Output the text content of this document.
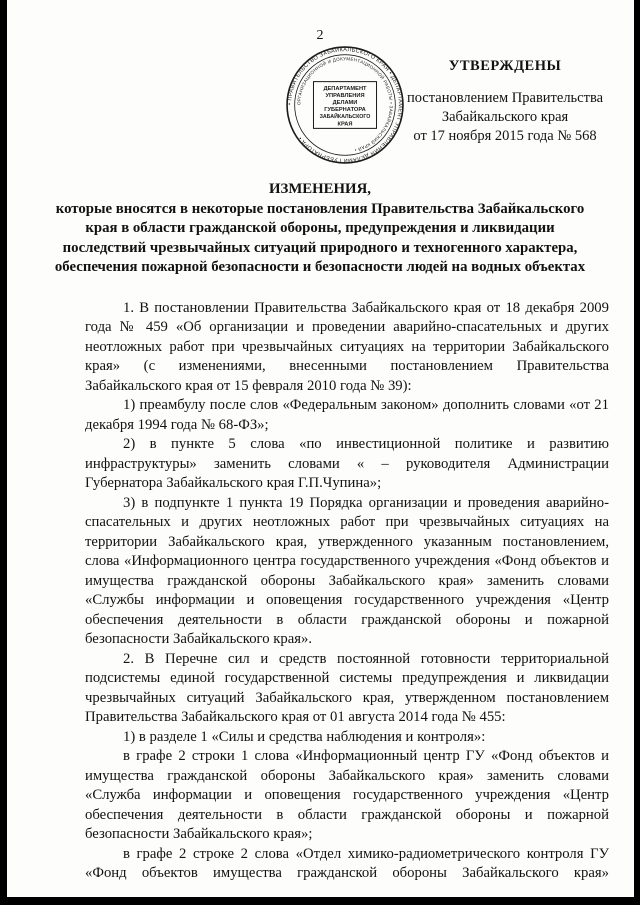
2
УТВЕРЖДЕНЫ
постановлением Правительства
Забайкальского края
от 17 ноября 2015 года № 568
• ПРАВИТЕЛЬСТВО ЗАБАЙКАЛЬСКОГО КРАЯ • ДЕПАРТАМЕНТ УПРАВЛЕНИЯ ДЕЛАМИ ГУБЕРНАТОРА •
ОРГАНИЗАЦИОННОЙ И ДОКУМЕНТАЦИОННОЙ РАБОТЫ • ЗАБАЙКАЛЬСКИЙ КРАЙ •
ДЕПАРТАМЕНТ
УПРАВЛЕНИЯ
ДЕЛАМИ
ГУБЕРНАТОРА
ЗАБАЙКАЛЬСКОГО
КРАЯ
ИЗМЕНЕНИЯ,
которые вносятся в некоторые постановления Правительства Забайкальского края в области гражданской обороны, предупреждения и ликвидации последствий чрезвычайных ситуаций природного и техногенного характера, обеспечения пожарной безопасности и безопасности людей на водных объектах

1. В постановлении Правительства Забайкальского края от 18 декабря 2009 года № 459 «Об организации и проведении аварийно-спасательных и других неотложных работ при чрезвычайных ситуациях на территории Забайкальского края» (с изменениями, внесенными постановлением Правительства Забайкальского края от 15 февраля 2010 года № 39):

1) преамбулу после слов «Федеральным законом» дополнить словами «от 21 декабря 1994 года № 68-ФЗ»;

2) в пункте 5 слова «по инвестиционной политике и развитию инфраструктуры» заменить словами « – руководителя Администрации Губернатора Забайкальского края Г.П.Чупина»;

3) в подпункте 1 пункта 19 Порядка организации и проведения аварийно-спасательных и других неотложных работ при чрезвычайных ситуациях на территории Забайкальского края, утвержденного указанным постановлением, слова «Информационного центра государственного учреждения «Фонд объектов и имущества гражданской обороны Забайкальского края» заменить словами «Службы информации и оповещения государственного учреждения «Центр обеспечения деятельности в области гражданской обороны и пожарной безопасности Забайкальского края».

2. В Перечне сил и средств постоянной готовности территориальной подсистемы единой государственной системы предупреждения и ликвидации чрезвычайных ситуаций Забайкальского края, утвержденном постановлением Правительства Забайкальского края от 01 августа 2014 года № 455:

1) в разделе 1 «Силы и средства наблюдения и контроля»:

в графе 2 строки 1 слова «Информационный центр ГУ «Фонд объектов и имущества гражданской обороны Забайкальского края» заменить словами «Служба информации и оповещения государственного учреждения «Центр обеспечения деятельности в области гражданской обороны и пожарной безопасности Забайкальского края»;

в графе 2 строке 2 слова «Отдел химико-радиометрического контроля ГУ «Фонд объектов имущества гражданской обороны Забайкальского края»
